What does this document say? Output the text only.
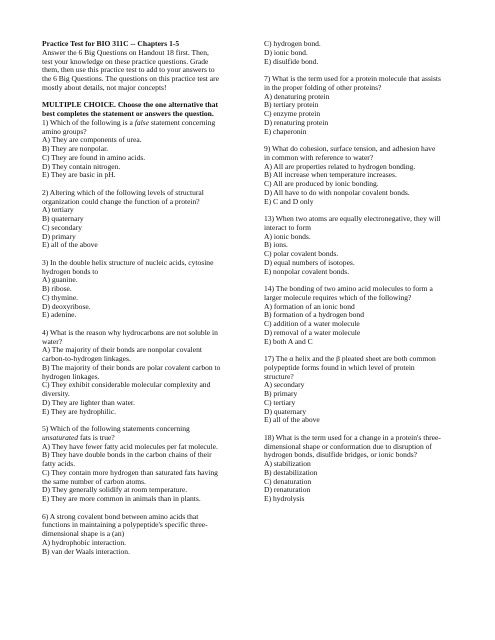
Practice Test for BIO 311C -- Chapters 1-5
Answer the 6 Big Questions on Handout 18 first. Then,
test your knowledge on these practice questions. Grade
them, then use this practice test to add to your answers to
the 6 Big Questions. The questions on this practice test are
mostly about details, not major concepts!
MULTIPLE CHOICE. Choose the one alternative that
best completes the statement or answers the question.
1) Which of the following is a false statement concerning
amino groups?
A) They are components of urea.
B) They are nonpolar.
C) They are found in amino acids.
D) They contain nitrogen.
E) They are basic in pH.
2) Altering which of the following levels of structural
organization could change the function of a protein?
A) tertiary
B) quaternary
C) secondary
D) primary
E) all of the above
3) In the double helix structure of nucleic acids, cytosine
hydrogen bonds to
A) guanine.
B) ribose.
C) thymine.
D) deoxyribose.
E) adenine.
4) What is the reason why hydrocarbons are not soluble in
water?
A) The majority of their bonds are nonpolar covalent
carbon-to-hydrogen linkages.
B) The majority of their bonds are polar covalent carbon to
hydrogen linkages.
C) They exhibit considerable molecular complexity and
diversity.
D) They are lighter than water.
E) They are hydrophilic.
5) Which of the following statements concerning
unsaturated fats is true?
A) They have fewer fatty acid molecules per fat molecule.
B) They have double bonds in the carbon chains of their
fatty acids.
C) They contain more hydrogen than saturated fats having
the same number of carbon atoms.
D) They generally solidify at room temperature.
E) They are more common in animals than in plants.
6) A strong covalent bond between amino acids that
functions in maintaining a polypeptide's specific three-
dimensional shape is a (an)
A) hydrophobic interaction.
B) van der Waals interaction.
C) hydrogen bond.
D) ionic bond.
E) disulfide bond.
7) What is the term used for a protein molecule that assists
in the proper folding of other proteins?
A) denaturing protein
B) tertiary protein
C) enzyme protein
D) renaturing protein
E) chaperonin
9) What do cohesion, surface tension, and adhesion have
in common with reference to water?
A) All are properties related to hydrogen bonding.
B) All increase when temperature increases.
C) All are produced by ionic bonding.
D) All have to do with nonpolar covalent bonds.
E) C and D only
13) When two atoms are equally electronegative, they will
interact to form
A) ionic bonds.
B) ions.
C) polar covalent bonds.
D) equal numbers of isotopes.
E) nonpolar covalent bonds.
14) The bonding of two amino acid molecules to form a
larger molecule requires which of the following?
A) formation of an ionic bond
B) formation of a hydrogen bond
C) addition of a water molecule
D) removal of a water molecule
E) both A and C
17) The α helix and the β pleated sheet are both common
polypeptide forms found in which level of protein
structure?
A) secondary
B) primary
C) tertiary
D) quaternary
E) all of the above
18) What is the term used for a change in a protein's three-
dimensional shape or conformation due to disruption of
hydrogen bonds, disulfide bridges, or ionic bonds?
A) stabilization
B) destabilization
C) denaturation
D) renaturation
E) hydrolysis
